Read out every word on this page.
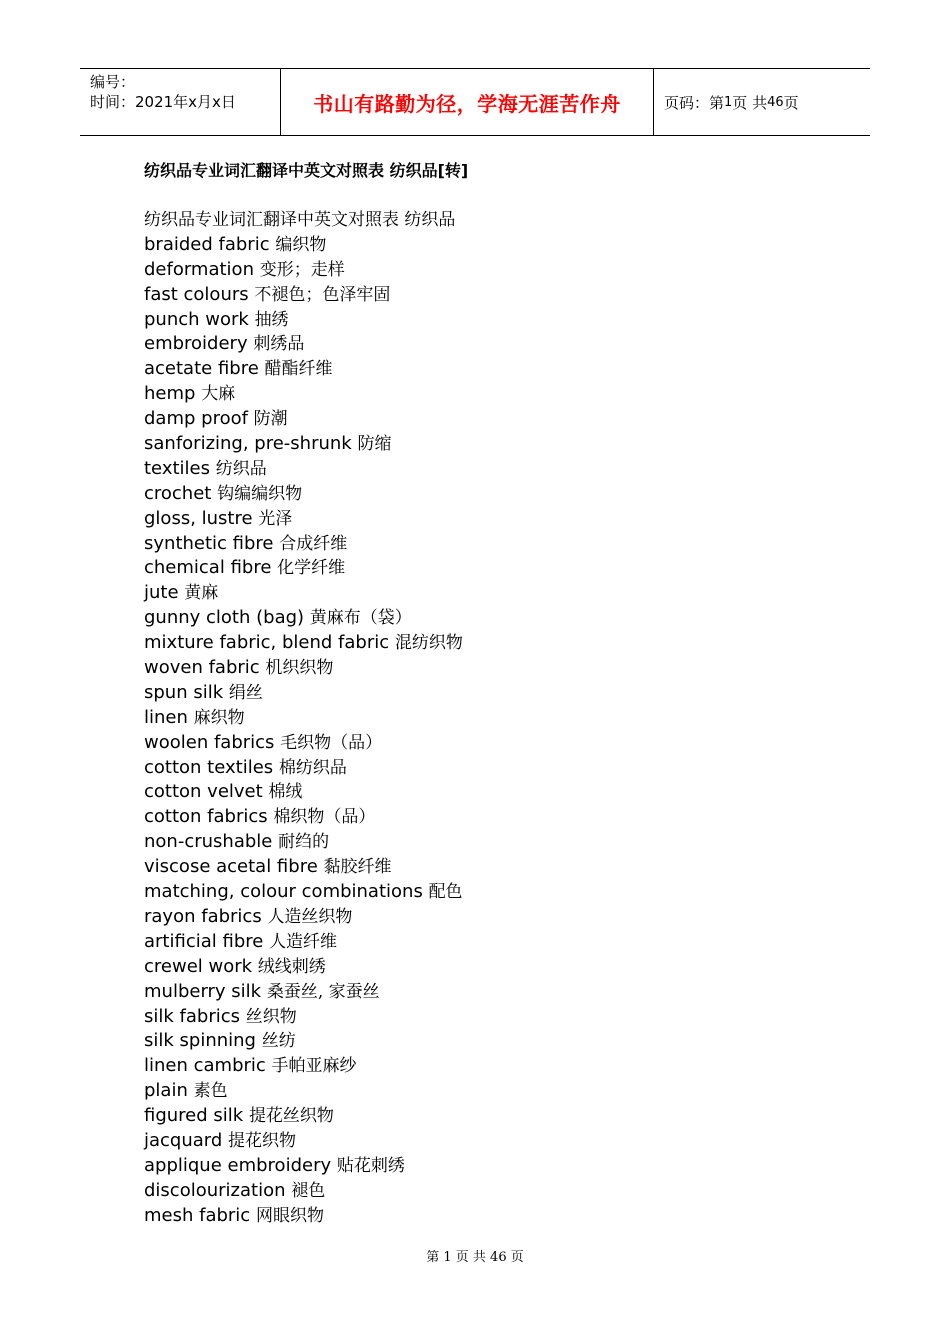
编号：
时间：2021年x月x日	书山有路勤为径，学海无涯苦作舟	页码：第 1 页 共 46 页
纺织品专业词汇翻译中英文对照表 纺织品[转]
纺织品专业词汇翻译中英文对照表 纺织品
braided fabric 编织物
deformation 变形；走样
fast colours 不褪色；色泽牢固
punch work 抽绣
embroidery 刺绣品
acetate fibre 醋酯纤维
hemp 大麻
damp proof 防潮
sanforizing, pre-shrunk 防缩
textiles 纺织品
crochet 钩编编织物
gloss, lustre 光泽
synthetic fibre 合成纤维
chemical fibre 化学纤维
jute 黄麻
gunny cloth (bag) 黄麻布（袋）
mixture fabric, blend fabric 混纺织物
woven fabric 机织织物
spun silk 绢丝
linen 麻织物
woolen fabrics 毛织物（品）
cotton textiles 棉纺织品
cotton velvet 棉绒
cotton fabrics 棉织物（品）
non-crushable 耐绉的
viscose acetal fibre 黏胶纤维
matching, colour combinations 配色
rayon fabrics 人造丝织物
artificial fibre 人造纤维
crewel work 绒线刺绣
mulberry silk 桑蚕丝, 家蚕丝
silk fabrics 丝织物
silk spinning 丝纺
linen cambric 手帕亚麻纱
plain 素色
figured silk 提花丝织物
jacquard 提花织物
applique embroidery 贴花刺绣
discolourization 褪色
mesh fabric 网眼织物
第 1 页 共 46 页
